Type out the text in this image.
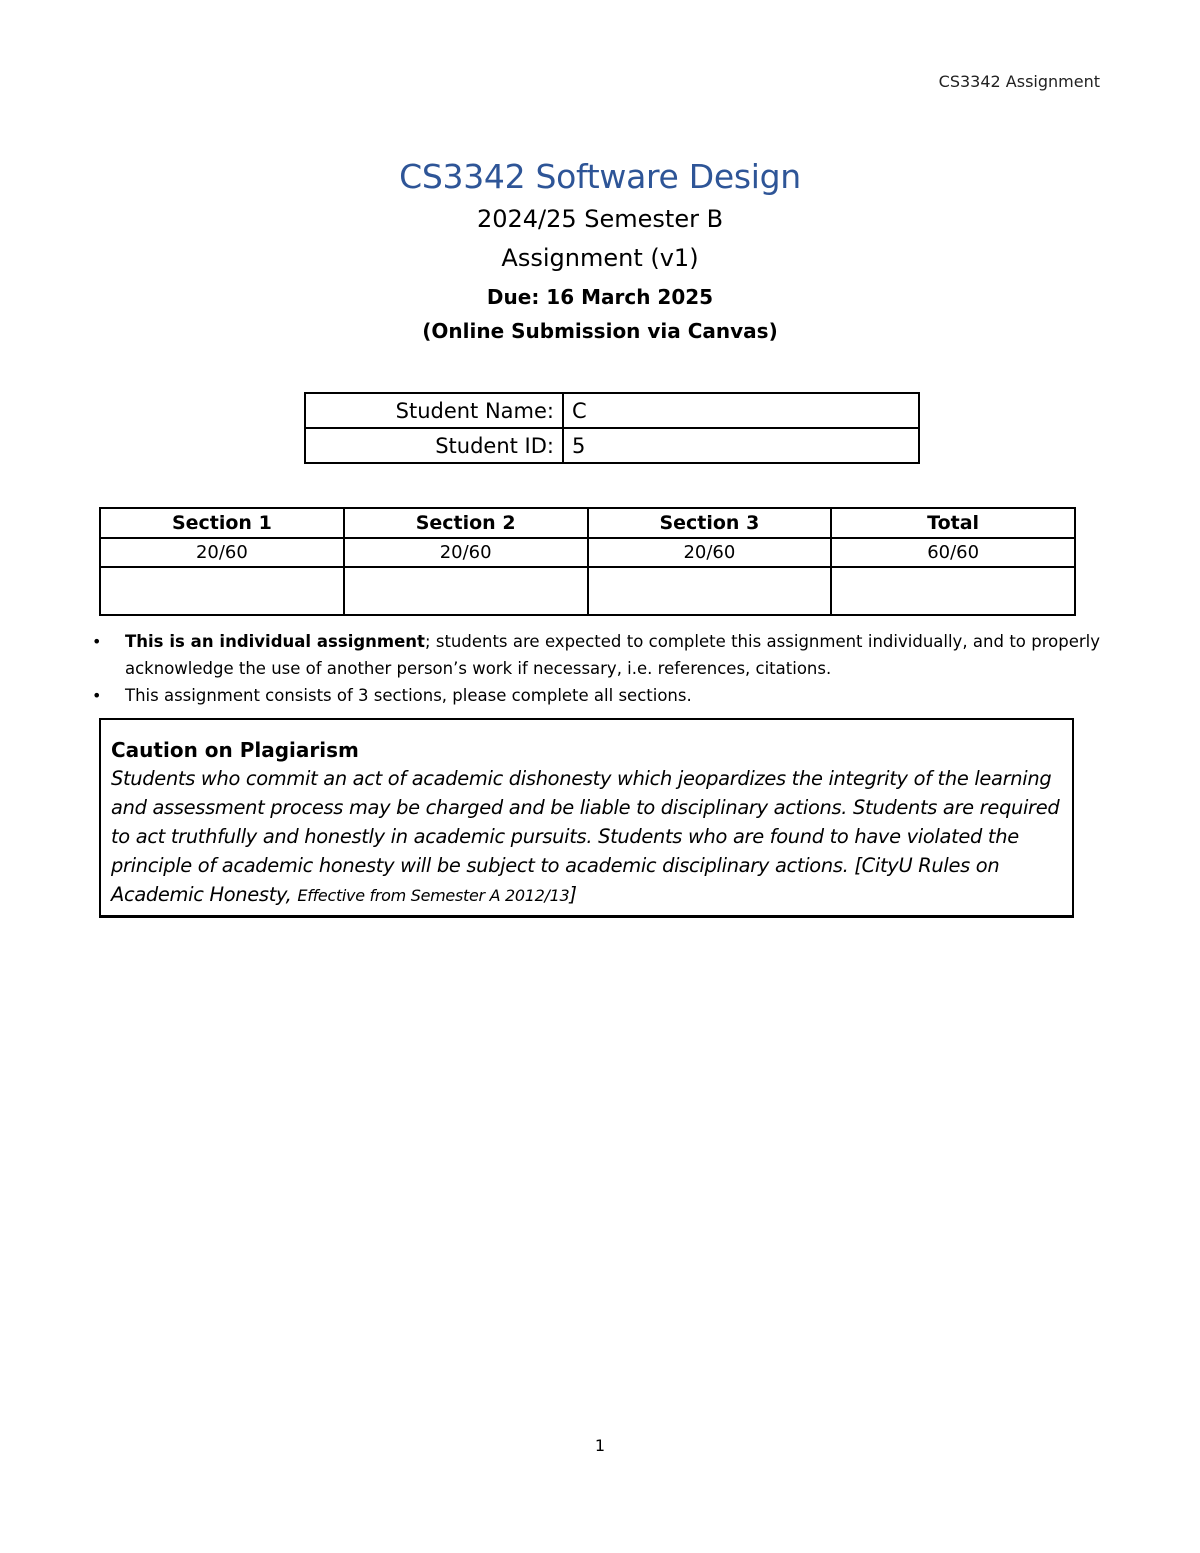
CS3342 Assignment
CS3342 Software Design
2024/25 Semester B
Assignment (v1)
Due: 16 March 2025
(Online Submission via Canvas)
Student Name:	C
Student ID:	5
Section 1	Section 2	Section 3	Total
20/60	20/60	20/60	60/60

• This is an individual assignment; students are expected to complete this assignment individually, and to properly acknowledge the use of another person’s work if necessary, i.e. references, citations.
• This assignment consists of 3 sections, please complete all sections.
Caution on Plagiarism
Students who commit an act of academic dishonesty which jeopardizes the integrity of the learning and assessment process may be charged and be liable to disciplinary actions. Students are required to act truthfully and honestly in academic pursuits. Students who are found to have violated the principle of academic honesty will be subject to academic disciplinary actions. [CityU Rules on Academic Honesty, Effective from Semester A 2012/13]
1
